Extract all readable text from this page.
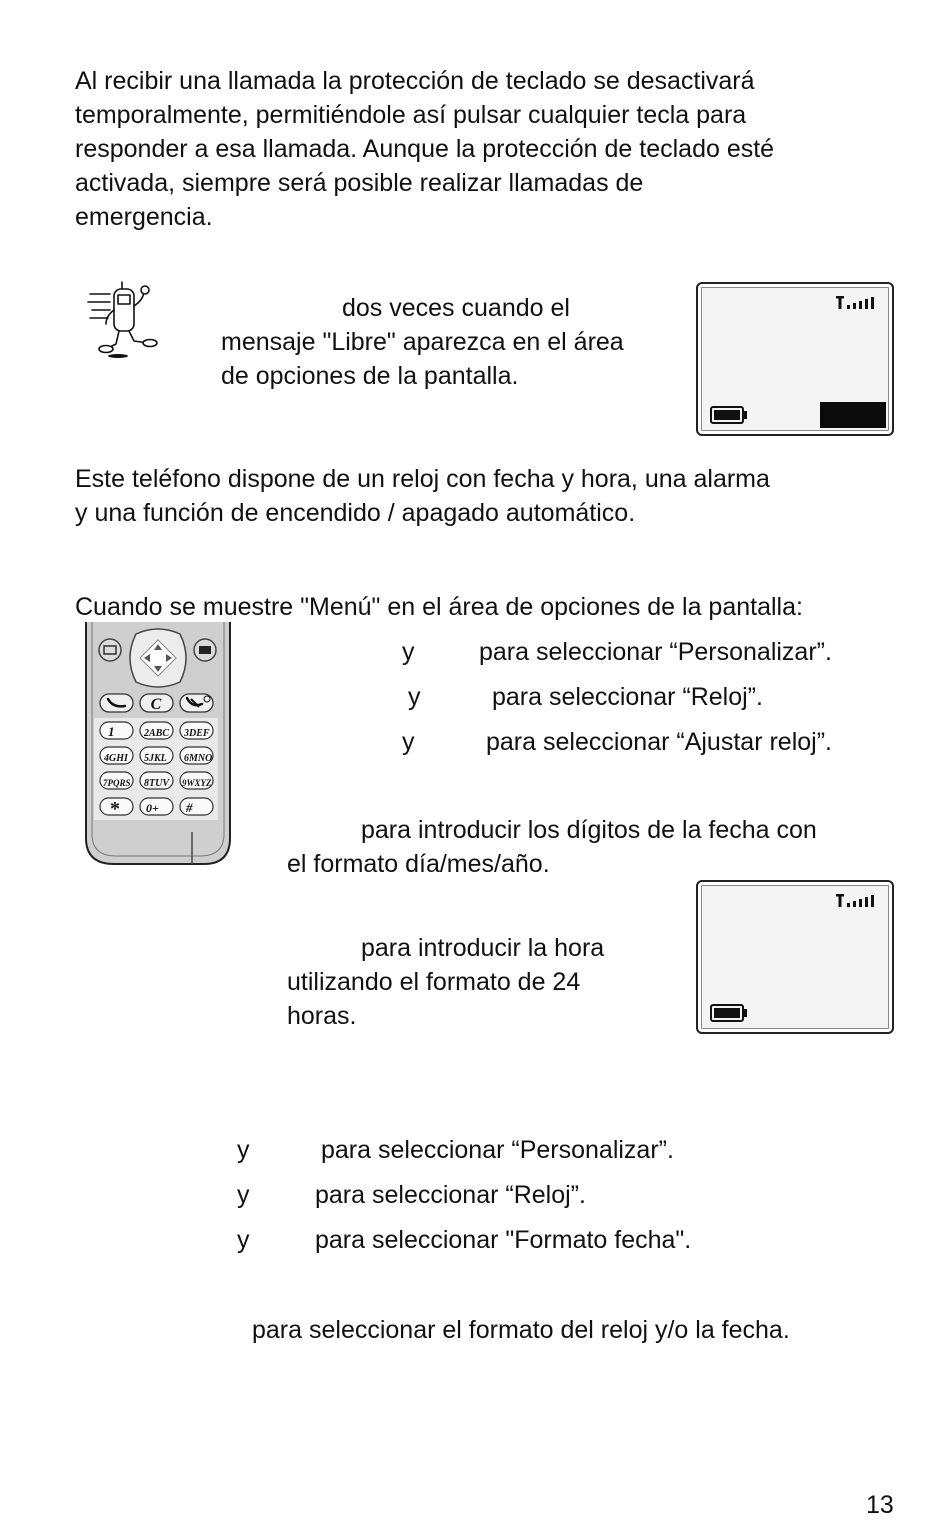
Al recibir una llamada la protección de teclado se desactivará
temporalmente, permitiéndole así pulsar cualquier tecla para
responder a esa llamada. Aunque la protección de teclado esté
activada, siempre será posible realizar llamadas de
emergencia.
dos veces cuando el
mensaje "Libre" aparezca en el área
de opciones de la pantalla.
Este teléfono dispone de un reloj con fecha y hora, una alarma
y una función de encendido / apagado automático.
Cuando se muestre "Menú" en el área de opciones de la pantalla:
C
1	2ABC 3DEF
4GHI 5JKL 6MNO
7PQRS 8TUV 9WXYZ
* 0+ #
y	para seleccionar “Personalizar”.
y	para seleccionar “Reloj”.
y	para seleccionar “Ajustar reloj”.
para introducir los dígitos de la fecha con
el formato día/mes/año.
para introducir la hora
utilizando el formato de 24
horas.
y	para seleccionar “Personalizar”.
y	para seleccionar “Reloj”.
y	para seleccionar "Formato fecha".
para seleccionar el formato del reloj y/o la fecha.
13
